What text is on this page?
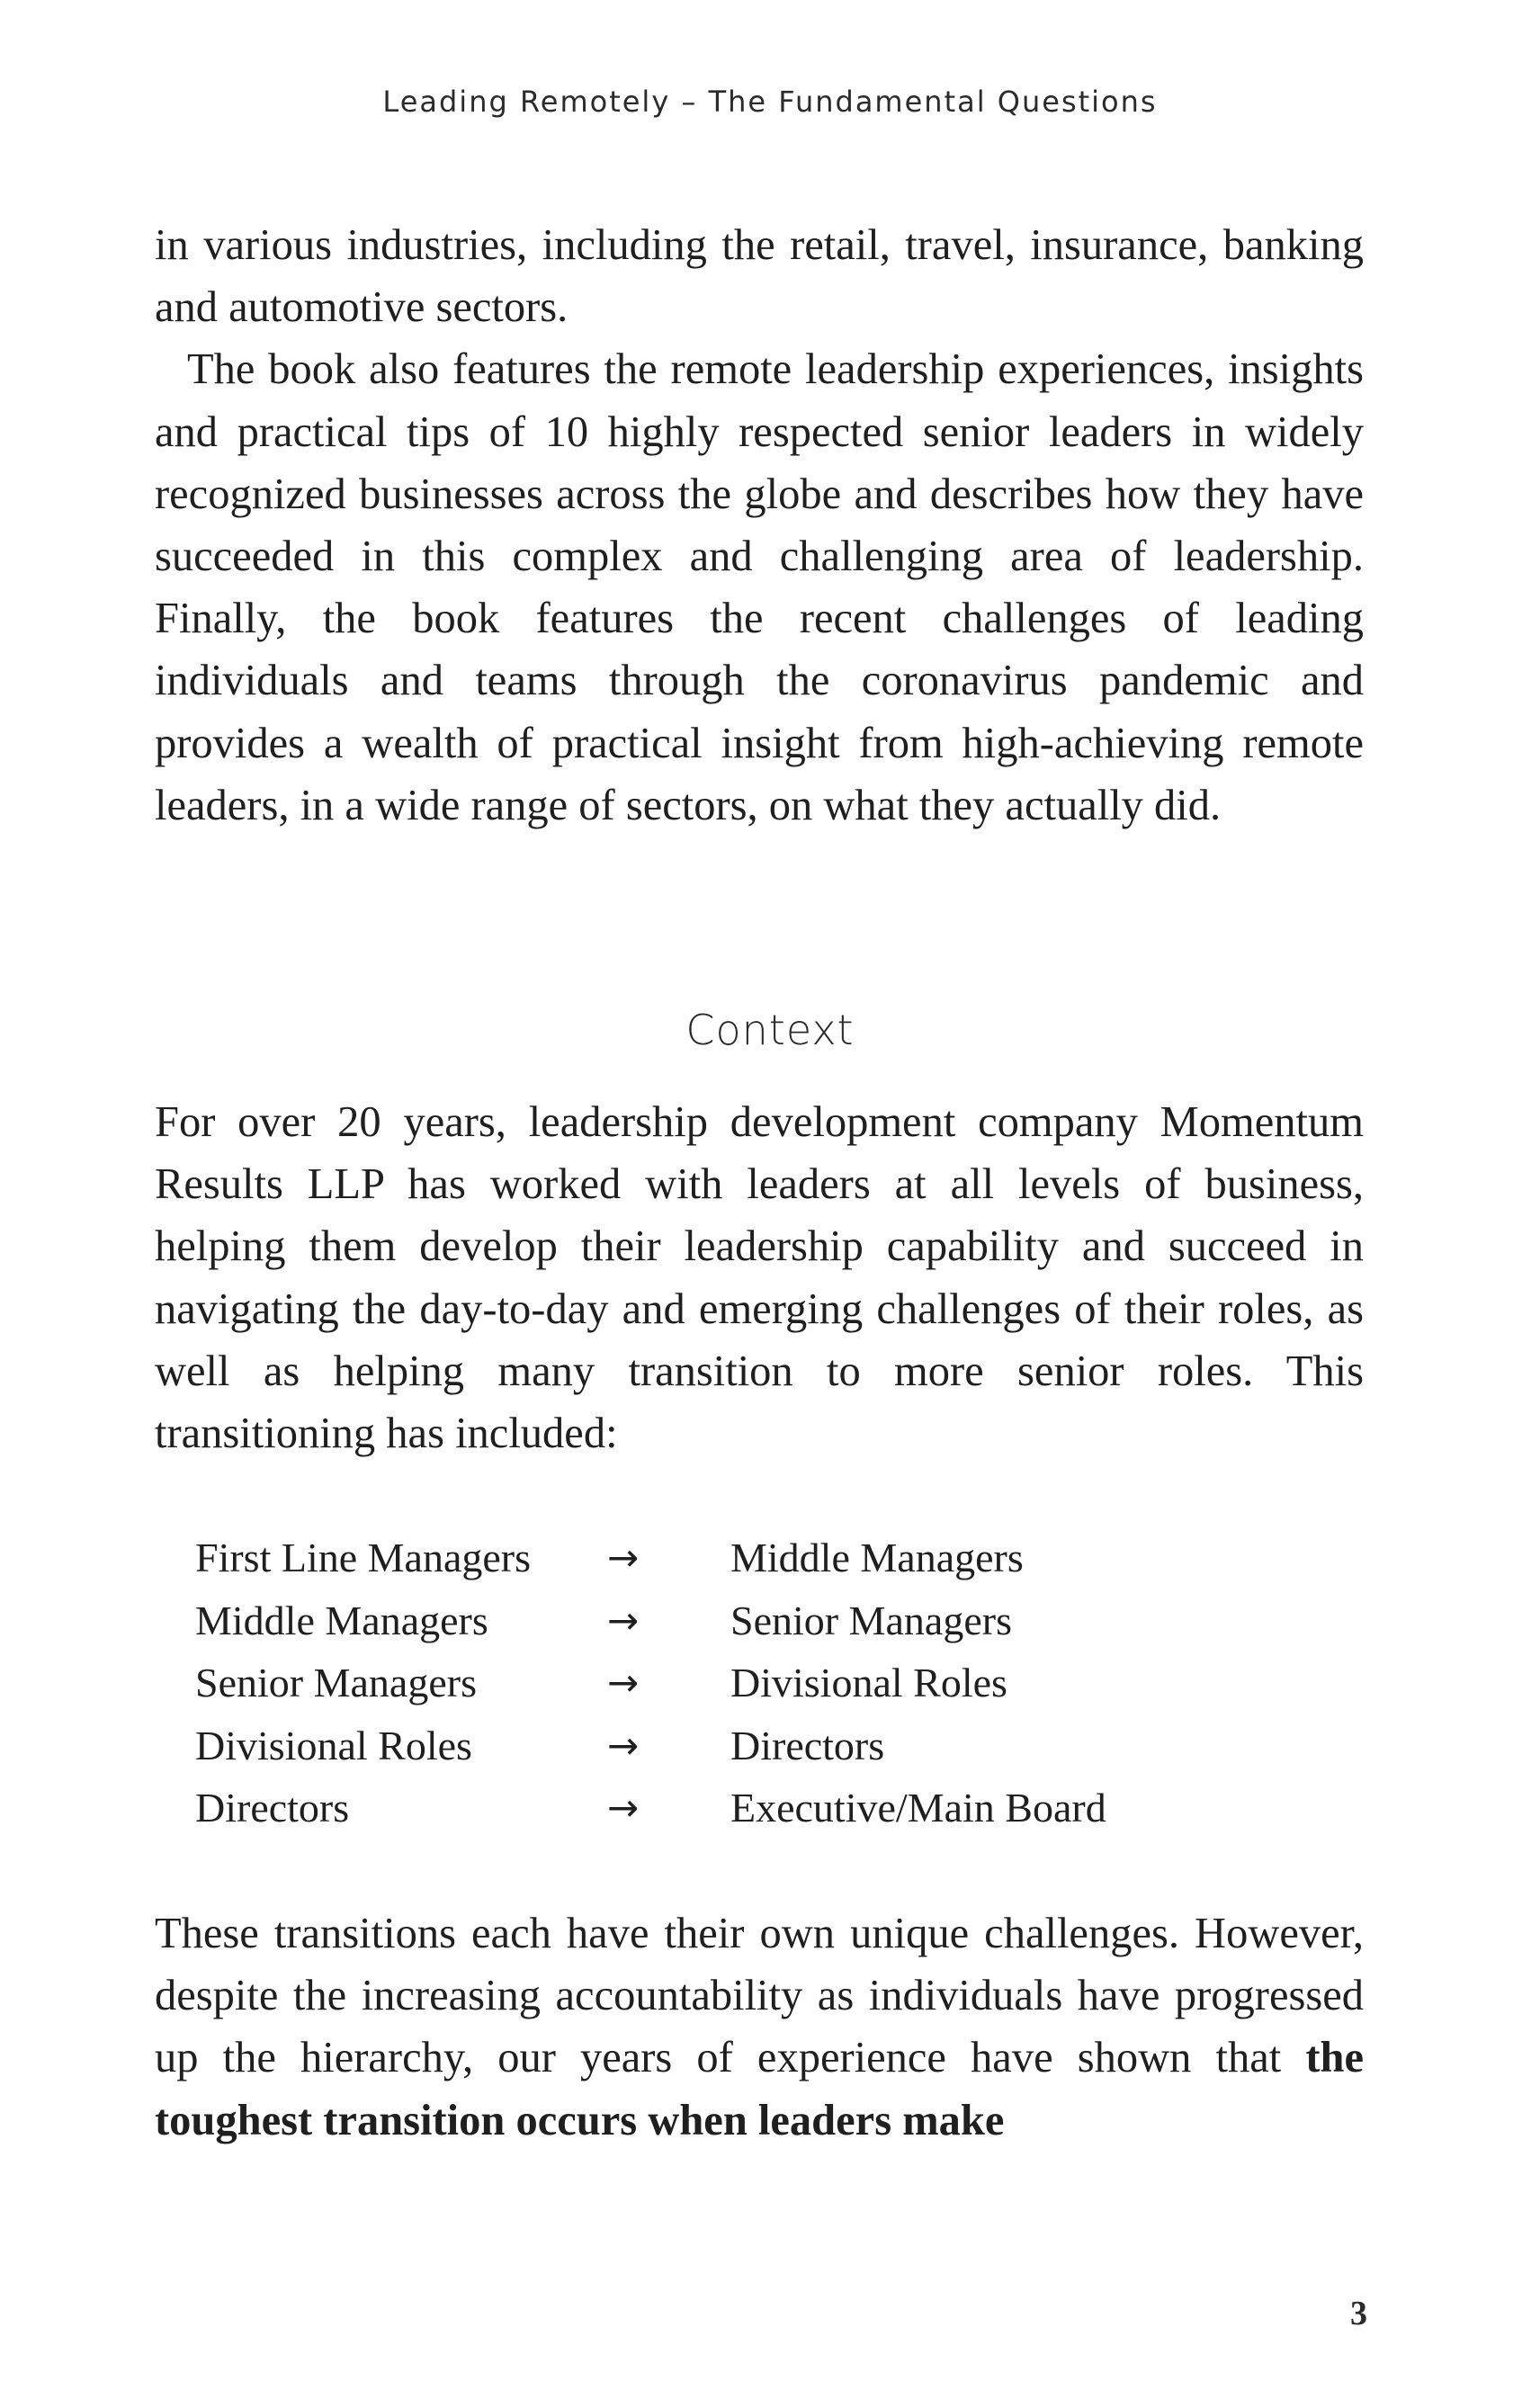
Leading Remotely – The Fundamental Questions

in various industries, including the retail, travel, insurance, banking and automotive sectors.

The book also features the remote leadership experiences, insights and practical tips of 10 highly respected senior leaders in widely recognized businesses across the globe and describes how they have succeeded in this complex and challenging area of leadership. Finally, the book features the recent challenges of leading individuals and teams through the coronavirus pandemic and provides a wealth of practical insight from high-achieving remote leaders, in a wide range of sectors, on what they actually did.

Context
For over 20 years, leadership development company Momentum Results LLP has worked with leaders at all levels of business, helping them develop their leadership capability and succeed in navigating the day-to-day and emerging challenges of their roles, as well as helping many transition to more senior roles. This transitioning has included:
First Line Managers → Middle Managers
Middle Managers	→ Senior Managers
Senior Managers	→ Divisional Roles
Divisional Roles	→ Directors
Directors	→ Executive/Main Board
These transitions each have their own unique challenges. However, despite the increasing accountability as individuals have progressed up the hierarchy, our years of experience have shown that the toughest transition occurs when leaders make
3
